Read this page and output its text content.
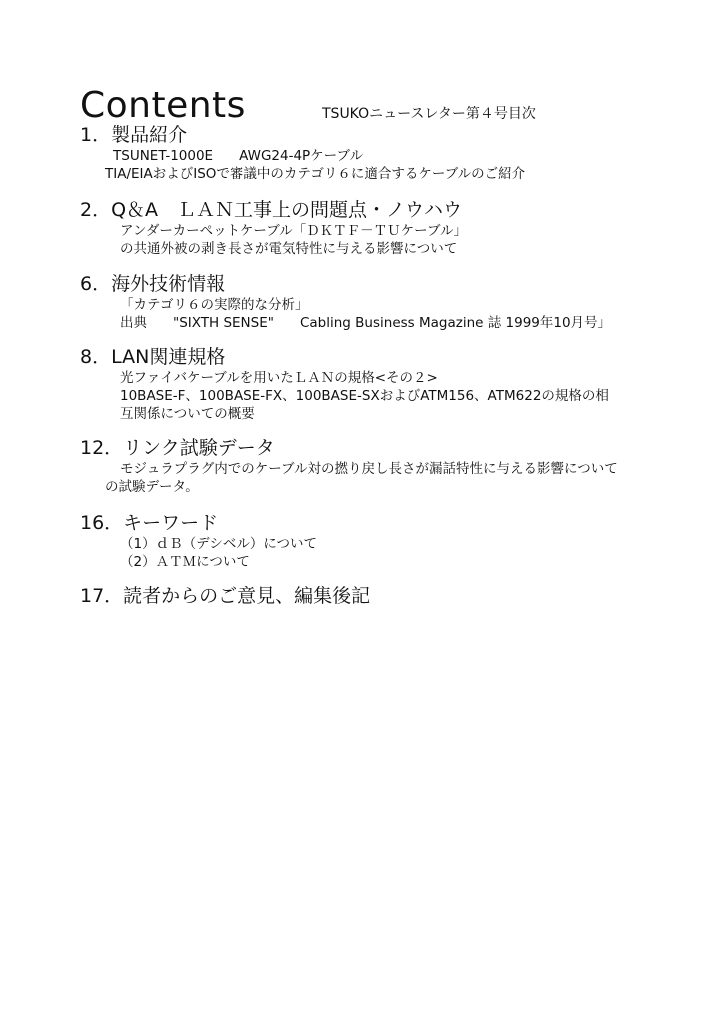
Contents	TSUKOニュースレター第４号目次
1．製品紹介
TSUNET-1000E AWG24-4Pケーブル
TIA/EIAおよびISOで審議中のカテゴリ６に適合するケーブルのご紹介
2．Q＆A　ＬＡＮ工事上の問題点・ノウハウ
アンダーカーペットケーブル「ＤＫＴＦ－ＴＵケーブル」
の共通外被の剥き長さが電気特性に与える影響について
6．海外技術情報
「カテゴリ６の実際的な分析」
出典 "SIXTH SENSE" Cabling Business Magazine 誌 1999年10月号」
8．LAN関連規格
光ファイバケーブルを用いたＬＡＮの規格<その２>
10BASE-F、100BASE-FX、100BASE-SXおよびATM156、ATM622の規格の相
互関係についての概要
12．リンク試験データ
モジュラプラグ内でのケーブル対の撚り戻し長さが漏話特性に与える影響について
の試験データ。
16．キーワード
（1）ｄＢ（デシベル）について
（2）ＡＴＭについて
17．読者からのご意見、編集後記
